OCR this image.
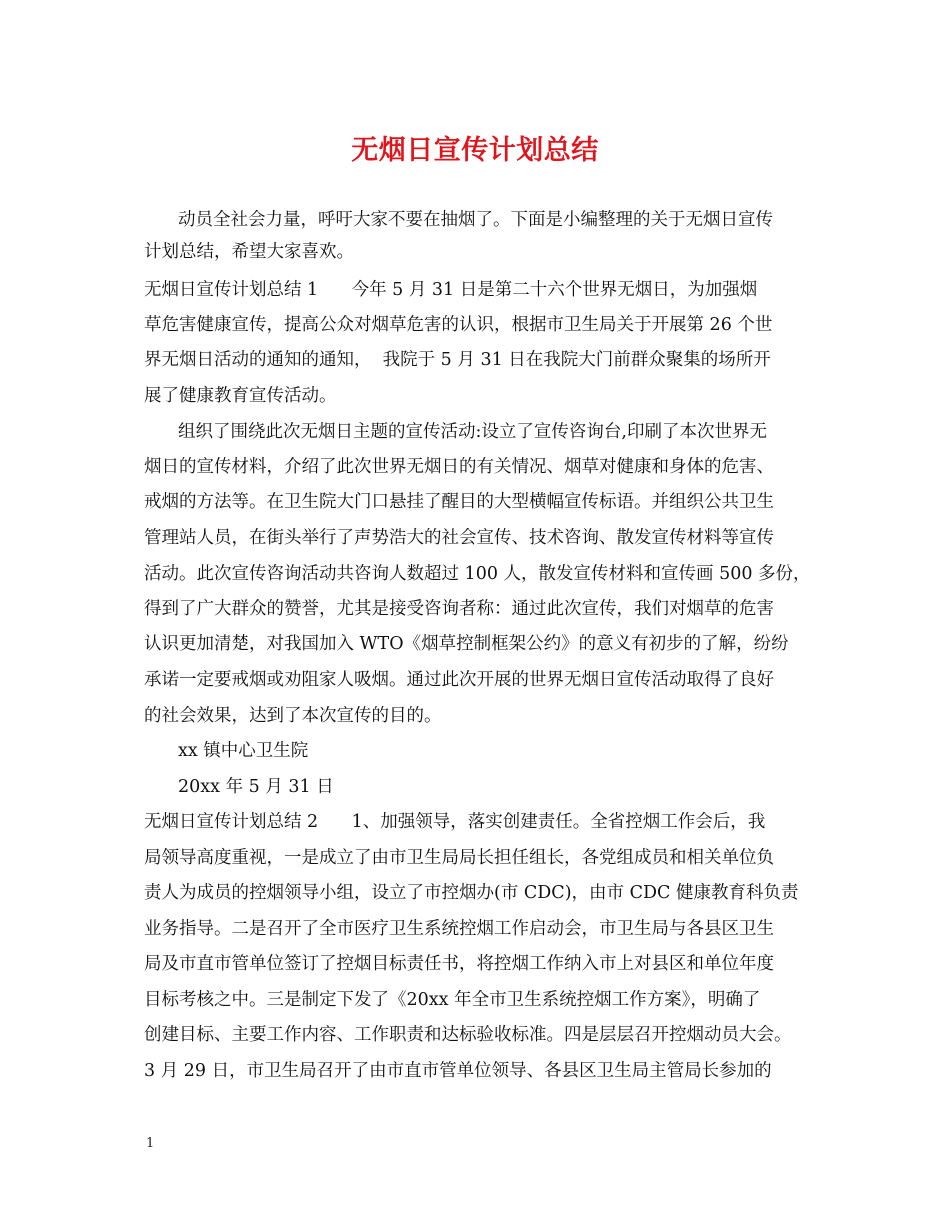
无烟日宣传计划总结
动员全社会力量，呼吁大家不要在抽烟了。下面是小编整理的关于无烟日宣传
计划总结，希望大家喜欢。
无烟日宣传计划总结 1      今年 5 月 31 日是第二十六个世界无烟日，为加强烟
草危害健康宣传，提高公众对烟草危害的认识，根据市卫生局关于开展第 26 个世
界无烟日活动的通知的通知，  我院于 5 月 31 日在我院大门前群众聚集的场所开
展了健康教育宣传活动。
组织了围绕此次无烟日主题的宣传活动:设立了宣传咨询台,印刷了本次世界无
烟日的宣传材料，介绍了此次世界无烟日的有关情况、烟草对健康和身体的危害、
戒烟的方法等。在卫生院大门口悬挂了醒目的大型横幅宣传标语。并组织公共卫生
管理站人员，在街头举行了声势浩大的社会宣传、技术咨询、散发宣传材料等宣传
活动。此次宣传咨询活动共咨询人数超过 100 人，散发宣传材料和宣传画 500 多份，
得到了广大群众的赞誉，尤其是接受咨询者称：通过此次宣传，我们对烟草的危害
认识更加清楚，对我国加入 WTO《烟草控制框架公约》的意义有初步的了解，纷纷
承诺一定要戒烟或劝阻家人吸烟。通过此次开展的世界无烟日宣传活动取得了良好
的社会效果，达到了本次宣传的目的。
xx 镇中心卫生院
20xx 年 5 月 31 日
无烟日宣传计划总结 2      1、加强领导，落实创建责任。全省控烟工作会后，我
局领导高度重视，一是成立了由市卫生局局长担任组长，各党组成员和相关单位负
责人为成员的控烟领导小组，设立了市控烟办(市 CDC)，由市 CDC 健康教育科负责
业务指导。二是召开了全市医疗卫生系统控烟工作启动会，市卫生局与各县区卫生
局及市直市管单位签订了控烟目标责任书，将控烟工作纳入市上对县区和单位年度
目标考核之中。三是制定下发了《20xx 年全市卫生系统控烟工作方案》，明确了
创建目标、主要工作内容、工作职责和达标验收标准。四是层层召开控烟动员大会。
3 月 29 日，市卫生局召开了由市直市管单位领导、各县区卫生局主管局长参加的
1
